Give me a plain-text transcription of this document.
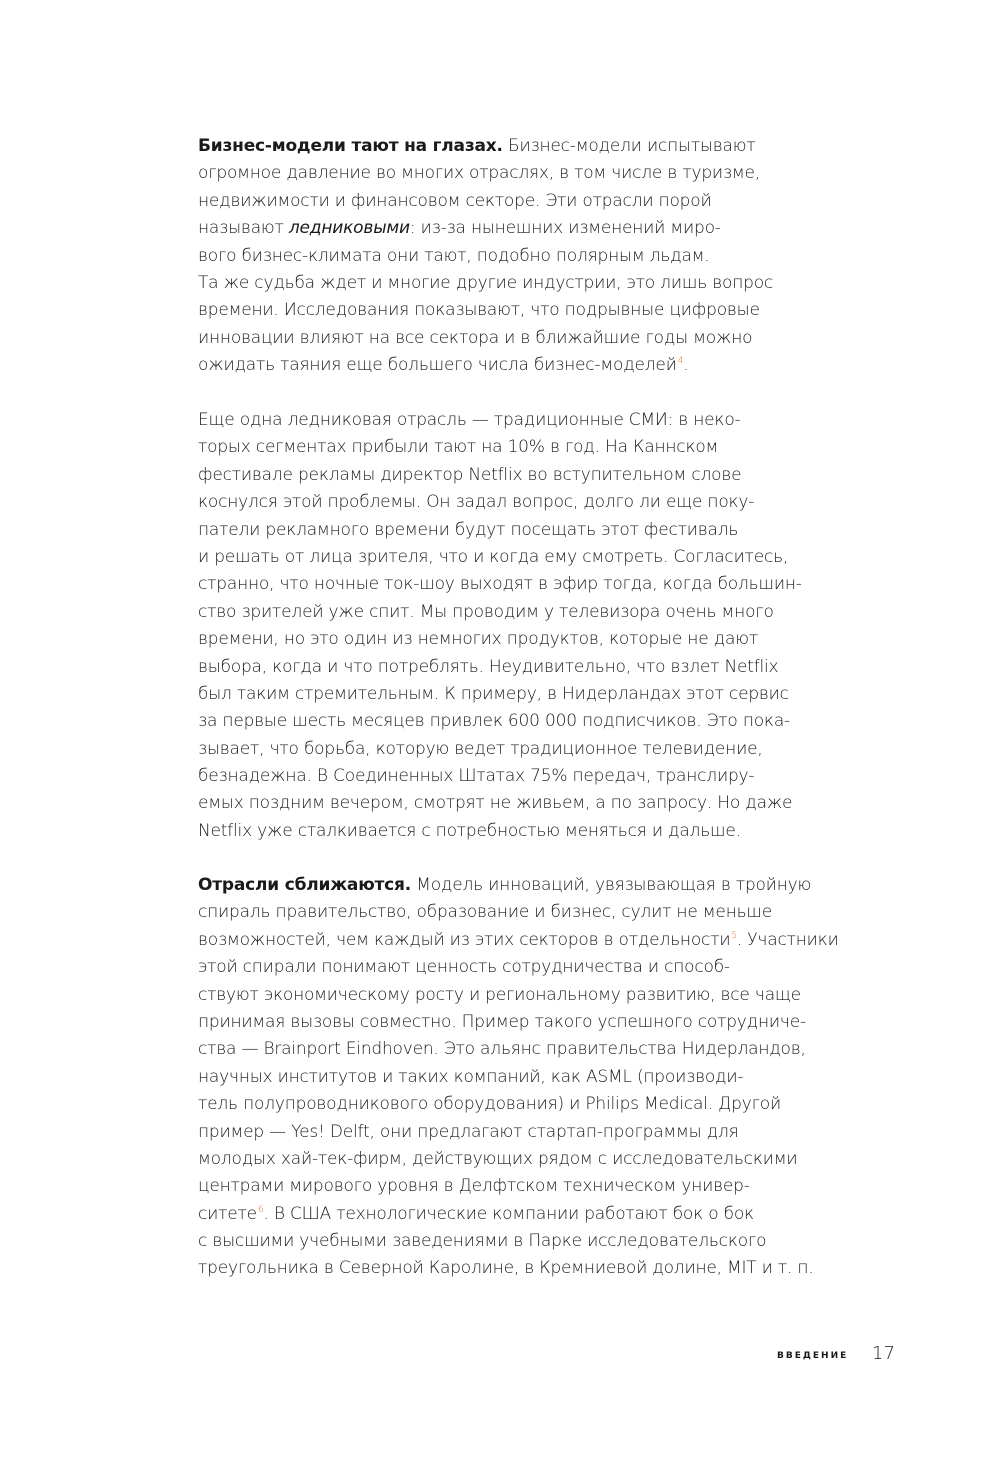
Бизнес-модели тают на глазах. Бизнес-модели испытывают
огромное давление во многих отраслях, в том числе в туризме,
недвижимости и финансовом секторе. Эти отрасли порой
называют ледниковыми: из-за нынешних изменений миро-
вого бизнес-климата они тают, подобно полярным льдам.
Та же судьба ждет и многие другие индустрии, это лишь вопрос
времени. Исследования показывают, что подрывные цифровые
инновации влияют на все сектора и в ближайшие годы можно
ожидать таяния еще большего числа бизнес-моделей$^4$.
Еще одна ледниковая отрасль — традиционные СМИ: в неко-
торых сегментах прибыли тают на 10% в год. На Каннском
фестивале рекламы директор Netflix во вступительном слове
коснулся этой проблемы. Он задал вопрос, долго ли еще поку-
патели рекламного времени будут посещать этот фестиваль
и решать от лица зрителя, что и когда ему смотреть. Согласитесь,
странно, что ночные ток-шоу выходят в эфир тогда, когда большин-
ство зрителей уже спит. Мы проводим у телевизора очень много
времени, но это один из немногих продуктов, которые не дают
выбора, когда и что потреблять. Неудивительно, что взлет Netflix
был таким стремительным. К примеру, в Нидерландах этот сервис
за первые шесть месяцев привлек 600 000 подписчиков. Это пока-
зывает, что борьба, которую ведет традиционное телевидение,
безнадежна. В Соединенных Штатах 75% передач, транслиру-
емых поздним вечером, смотрят не живьем, а по запросу. Но даже
Netflix уже сталкивается с потребностью меняться и дальше.
Отрасли сближаются. Модель инноваций, увязывающая в тройную
спираль правительство, образование и бизнес, сулит не меньше
возможностей, чем каждый из этих секторов в отдельности$^5$. Участники
этой спирали понимают ценность сотрудничества и способ-
ствуют экономическому росту и региональному развитию, все чаще
принимая вызовы совместно. Пример такого успешного сотрудниче-
ства — Brainport Eindhoven. Это альянс правительства Нидерландов,
научных институтов и таких компаний, как ASML (производи-
тель полупроводникового оборудования) и Philips Medical. Другой
пример — Yes! Delft, они предлагают стартап-программы для
молодых хай-тек-фирм, действующих рядом с исследовательскими
центрами мирового уровня в Делфтском техническом универ-
ситете$^6$. В США технологические компании работают бок о бок
с высшими учебными заведениями в Парке исследовательского
треугольника в Северной Каролине, в Кремниевой долине, MIT и т. п.
ВВЕДЕНИЕ 17
